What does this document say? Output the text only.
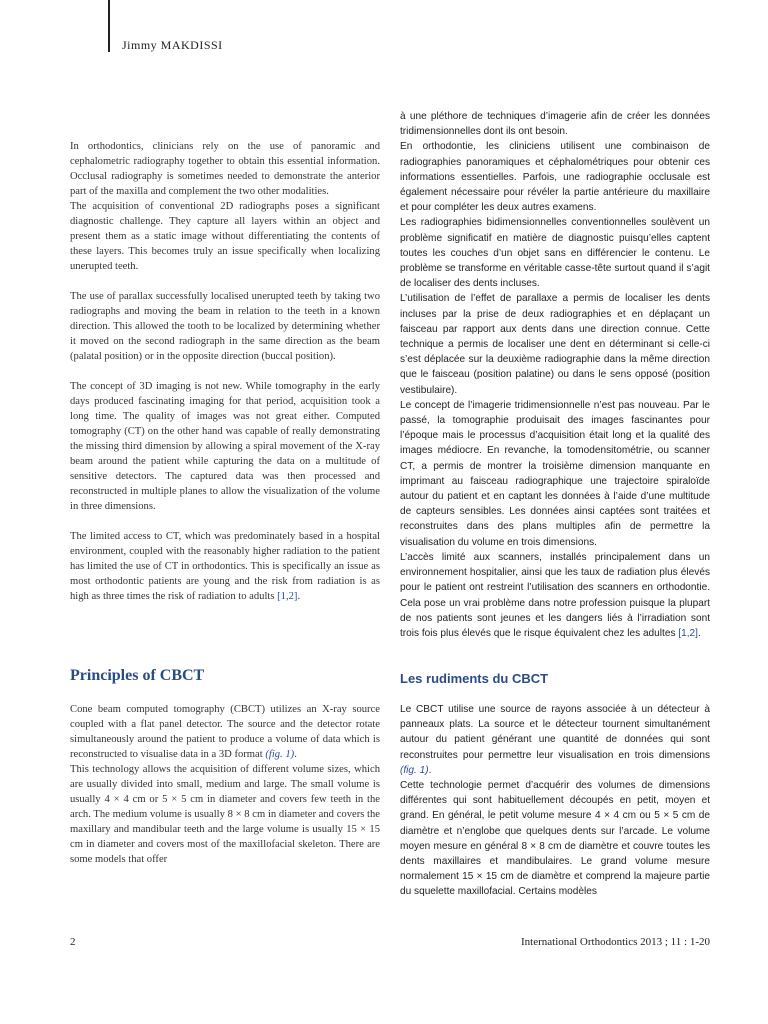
Jimmy MAKDISSI

In orthodontics, clinicians rely on the use of panoramic and cephalometric radiography together to obtain this essential information. Occlusal radiography is sometimes needed to demonstrate the anterior part of the maxilla and complement the two other modalities.

The acquisition of conventional 2D radiographs poses a significant diagnostic challenge. They capture all layers within an object and present them as a static image without differentiating the contents of these layers. This becomes truly an issue specifically when localizing unerupted teeth.

The use of parallax successfully localised unerupted teeth by taking two radiographs and moving the beam in relation to the teeth in a known direction. This allowed the tooth to be localized by determining whether it moved on the second radiograph in the same direction as the beam (palatal position) or in the opposite direction (buccal position).

The concept of 3D imaging is not new. While tomography in the early days produced fascinating imaging for that period, acquisition took a long time. The quality of images was not great either. Computed tomography (CT) on the other hand was capable of really demonstrating the missing third dimension by allowing a spiral movement of the X-ray beam around the patient while capturing the data on a multitude of sensitive detectors. The captured data was then processed and reconstructed in multiple planes to allow the visualization of the volume in three dimensions.

The limited access to CT, which was predominately based in a hospital environment, coupled with the reasonably higher radiation to the patient has limited the use of CT in orthodontics. This is specifically an issue as most orthodontic patients are young and the risk from radiation is as high as three times the risk of radiation to adults [1,2].

à une pléthore de techniques d’imagerie afin de créer les données tridimensionnelles dont ils ont besoin.

En orthodontie, les cliniciens utilisent une combinaison de radiographies panoramiques et céphalométriques pour obtenir ces informations essentielles. Parfois, une radiographie occlusale est également nécessaire pour révéler la partie antérieure du maxillaire et pour compléter les deux autres examens.

Les radiographies bidimensionnelles conventionnelles soulèvent un problème significatif en matière de diagnostic puisqu’elles captent toutes les couches d’un objet sans en différencier le contenu. Le problème se transforme en véritable casse-tête surtout quand il s’agit de localiser des dents incluses.

L’utilisation de l’effet de parallaxe a permis de localiser les dents incluses par la prise de deux radiographies et en déplaçant un faisceau par rapport aux dents dans une direction connue. Cette technique a permis de localiser une dent en déterminant si celle-ci s’est déplacée sur la deuxième radiographie dans la même direction que le faisceau (position palatine) ou dans le sens opposé (position vestibulaire).

Le concept de l’imagerie tridimensionnelle n’est pas nouveau. Par le passé, la tomographie produisait des images fascinantes pour l’époque mais le processus d’acquisition était long et la qualité des images médiocre. En revanche, la tomodensitométrie, ou scanner CT, a permis de montrer la troisième dimension manquante en imprimant au faisceau radiographique une trajectoire spiraloïde autour du patient et en captant les données à l’aide d’une multitude de capteurs sensibles. Les données ainsi captées sont traitées et reconstruites dans des plans multiples afin de permettre la visualisation du volume en trois dimensions.

L’accès limité aux scanners, installés principalement dans un environnement hospitalier, ainsi que les taux de radiation plus élevés pour le patient ont restreint l’utilisation des scanners en orthodontie. Cela pose un vrai problème dans notre profession puisque la plupart de nos patients sont jeunes et les dangers liés à l’irradiation sont trois fois plus élevés que le risque équivalent chez les adultes [1,2].

Principles of CBCT	Les rudiments du CBCT

Cone beam computed tomography (CBCT) utilizes an X-ray source coupled with a flat panel detector. The source and the detector rotate simultaneously around the patient to produce a volume of data which is reconstructed to visualise data in a 3D format (fig. 1).

This technology allows the acquisition of different volume sizes, which are usually divided into small, medium and large. The small volume is usually 4 × 4 cm or 5 × 5 cm in diameter and covers few teeth in the arch. The medium volume is usually 8 × 8 cm in diameter and covers the maxillary and mandibular teeth and the large volume is usually 15 × 15 cm in diameter and covers most of the maxillofacial skeleton. There are some models that offer

Le CBCT utilise une source de rayons associée à un détecteur à panneaux plats. La source et le détecteur tournent simultanément autour du patient générant une quantité de données qui sont reconstruites pour permettre leur visualisation en trois dimensions (fig. 1).

Cette technologie permet d’acquérir des volumes de dimensions différentes qui sont habituellement découpés en petit, moyen et grand. En général, le petit volume mesure 4 × 4 cm ou 5 × 5 cm de diamètre et n’englobe que quelques dents sur l’arcade. Le volume moyen mesure en général 8 × 8 cm de diamètre et couvre toutes les dents maxillaires et mandibulaires. Le grand volume mesure normalement 15 × 15 cm de diamètre et comprend la majeure partie du squelette maxillofacial. Certains modèles

2	International Orthodontics 2013 ; 11 : 1-20
